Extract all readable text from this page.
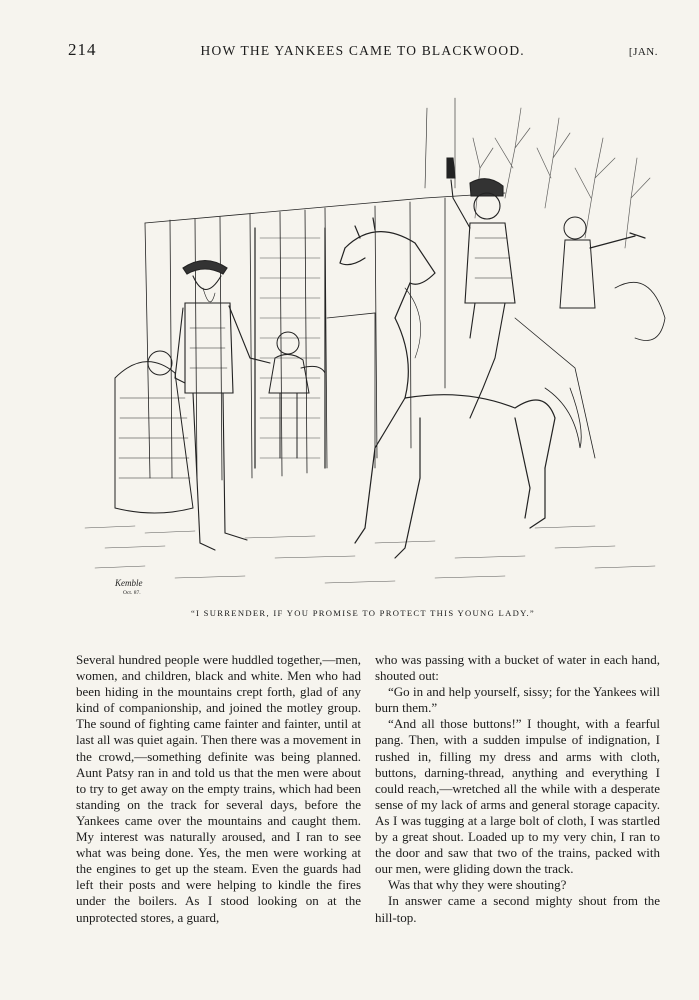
214	HOW THE YANKEES CAME TO BLACKWOOD.	[JAN.
Kemble
Oct. 87.
“I SURRENDER, IF YOU PROMISE TO PROTECT THIS YOUNG LADY.”

Several hundred people were huddled together,—men, women, and children, black and white. Men who had been hiding in the mountains crept forth, glad of any kind of companionship, and joined the motley group. The sound of fighting came fainter and fainter, until at last all was quiet again. Then there was a movement in the crowd,—something definite was being planned. Aunt Patsy ran in and told us that the men were about to try to get away on the empty trains, which had been standing on the track for several days, before the Yankees came over the mountains and caught them. My interest was naturally aroused, and I ran to see what was being done. Yes, the men were working at the engines to get up the steam. Even the guards had left their posts and were helping to kindle the fires under the boilers. As I stood looking on at the unprotected stores, a guard,

who was passing with a bucket of water in each hand, shouted out:

“Go in and help yourself, sissy; for the Yankees will burn them.”

“And all those buttons!” I thought, with a fearful pang. Then, with a sudden impulse of indignation, I rushed in, filling my dress and arms with cloth, buttons, darning-thread, anything and everything I could reach,—wretched all the while with a desperate sense of my lack of arms and general storage capacity. As I was tugging at a large bolt of cloth, I was startled by a great shout. Loaded up to my very chin, I ran to the door and saw that two of the trains, packed with our men, were gliding down the track.

Was that why they were shouting?

In answer came a second mighty shout from the hill-top.
